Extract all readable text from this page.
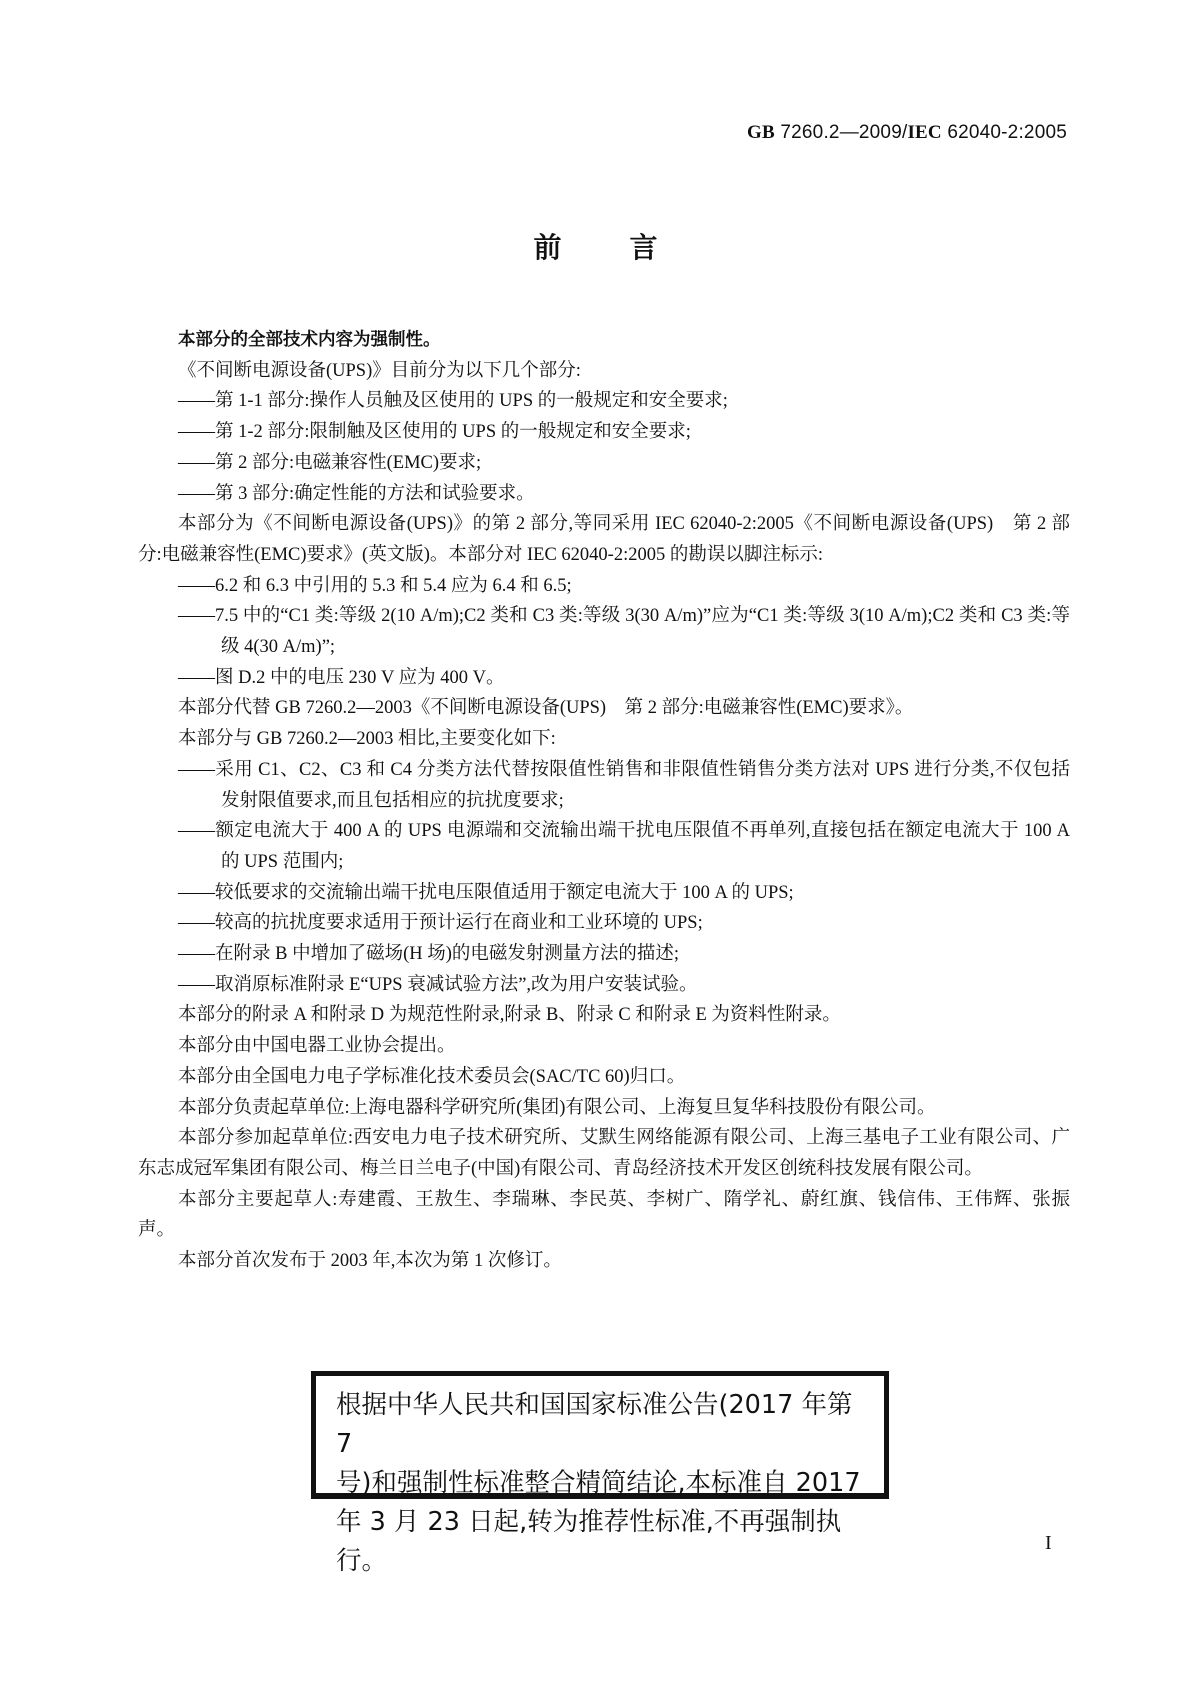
GB 7260.2—2009/IEC 62040-2:2005
前言
本部分的全部技术内容为强制性。
《不间断电源设备(UPS)》目前分为以下几个部分:
——第 1-1 部分:操作人员触及区使用的 UPS 的一般规定和安全要求;
——第 1-2 部分:限制触及区使用的 UPS 的一般规定和安全要求;
——第 2 部分:电磁兼容性(EMC)要求;
——第 3 部分:确定性能的方法和试验要求。
本部分为《不间断电源设备(UPS)》的第 2 部分,等同采用 IEC 62040-2:2005《不间断电源设备(UPS)　第 2 部分:电磁兼容性(EMC)要求》(英文版)。本部分对 IEC 62040-2:2005 的勘误以脚注标示:
——6.2 和 6.3 中引用的 5.3 和 5.4 应为 6.4 和 6.5;
——7.5 中的“C1 类:等级 2(10 A/m);C2 类和 C3 类:等级 3(30 A/m)”应为“C1 类:等级 3(10 A/m);C2 类和 C3 类:等级 4(30 A/m)”;
——图 D.2 中的电压 230 V 应为 400 V。
本部分代替 GB 7260.2—2003《不间断电源设备(UPS)　第 2 部分:电磁兼容性(EMC)要求》。
本部分与 GB 7260.2—2003 相比,主要变化如下:
——采用 C1、C2、C3 和 C4 分类方法代替按限值性销售和非限值性销售分类方法对 UPS 进行分类,不仅包括发射限值要求,而且包括相应的抗扰度要求;
——额定电流大于 400 A 的 UPS 电源端和交流输出端干扰电压限值不再单列,直接包括在额定电流大于 100 A 的 UPS 范围内;
——较低要求的交流输出端干扰电压限值适用于额定电流大于 100 A 的 UPS;
——较高的抗扰度要求适用于预计运行在商业和工业环境的 UPS;
——在附录 B 中增加了磁场(H 场)的电磁发射测量方法的描述;
——取消原标准附录 E“UPS 衰减试验方法”,改为用户安装试验。
本部分的附录 A 和附录 D 为规范性附录,附录 B、附录 C 和附录 E 为资料性附录。
本部分由中国电器工业协会提出。
本部分由全国电力电子学标准化技术委员会(SAC/TC 60)归口。
本部分负责起草单位:上海电器科学研究所(集团)有限公司、上海复旦复华科技股份有限公司。
本部分参加起草单位:西安电力电子技术研究所、艾默生网络能源有限公司、上海三基电子工业有限公司、广东志成冠军集团有限公司、梅兰日兰电子(中国)有限公司、青岛经济技术开发区创统科技发展有限公司。
本部分主要起草人:寿建霞、王敖生、李瑞琳、李民英、李树广、隋学礼、蔚红旗、钱信伟、王伟辉、张振声。
本部分首次发布于 2003 年,本次为第 1 次修订。
根据中华人民共和国国家标准公告(2017 年第 7
号)和强制性标准整合精简结论,本标准自 2017
年 3 月 23 日起,转为推荐性标准,不再强制执行。
I
